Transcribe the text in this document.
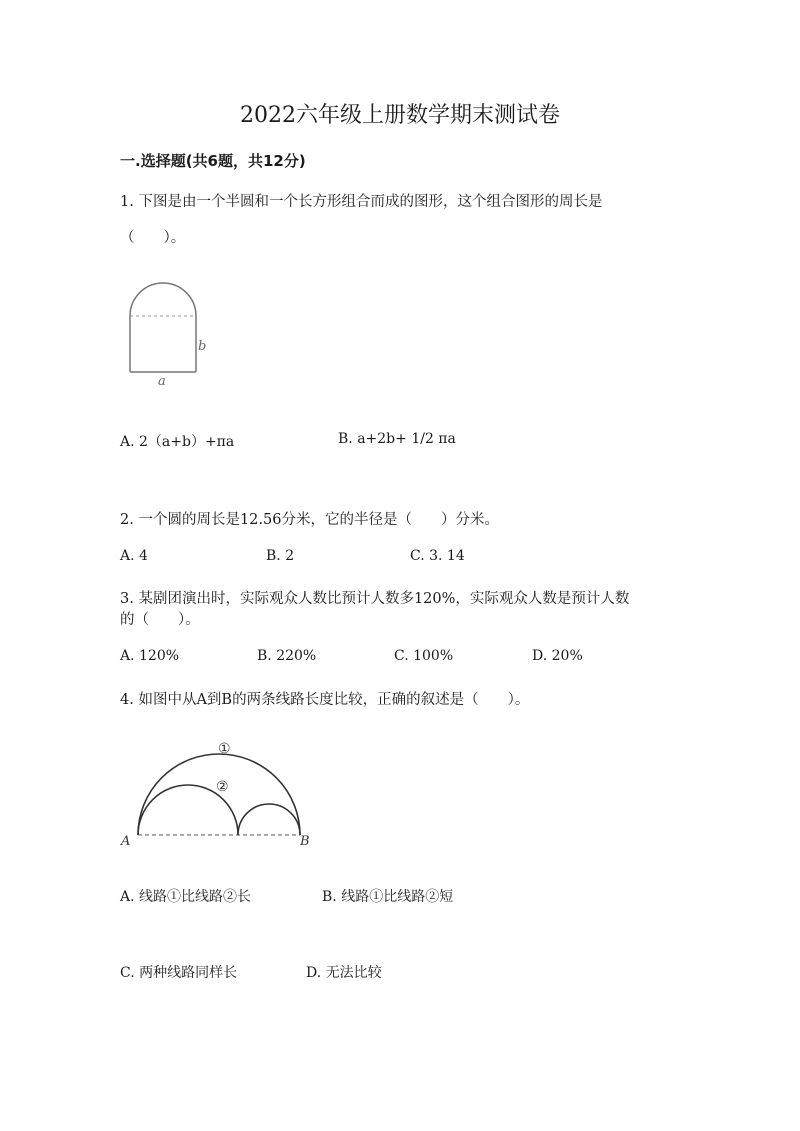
2022六年级上册数学期末测试卷
一.选择题(共6题，共12分)
1. 下图是由一个半圆和一个长方形组合而成的图形，这个组合图形的周长是
（　　）。
b
a
A. 2（a+b）+πa	B. a+2b+ 1/2 πa
2. 一个圆的周长是12.56分米，它的半径是（　　）分米。
A. 4	B. 2	C. 3. 14
3. 某剧团演出时，实际观众人数比预计人数多120%，实际观众人数是预计人数
的（　　）。
A. 120%	B. 220%	C. 100%	D. 20%
4. 如图中从A到B的两条线路长度比较，正确的叙述是（　　）。
①
②
A	B
A. 线路①比线路②长	B. 线路①比线路②短
C. 两种线路同样长	D. 无法比较
